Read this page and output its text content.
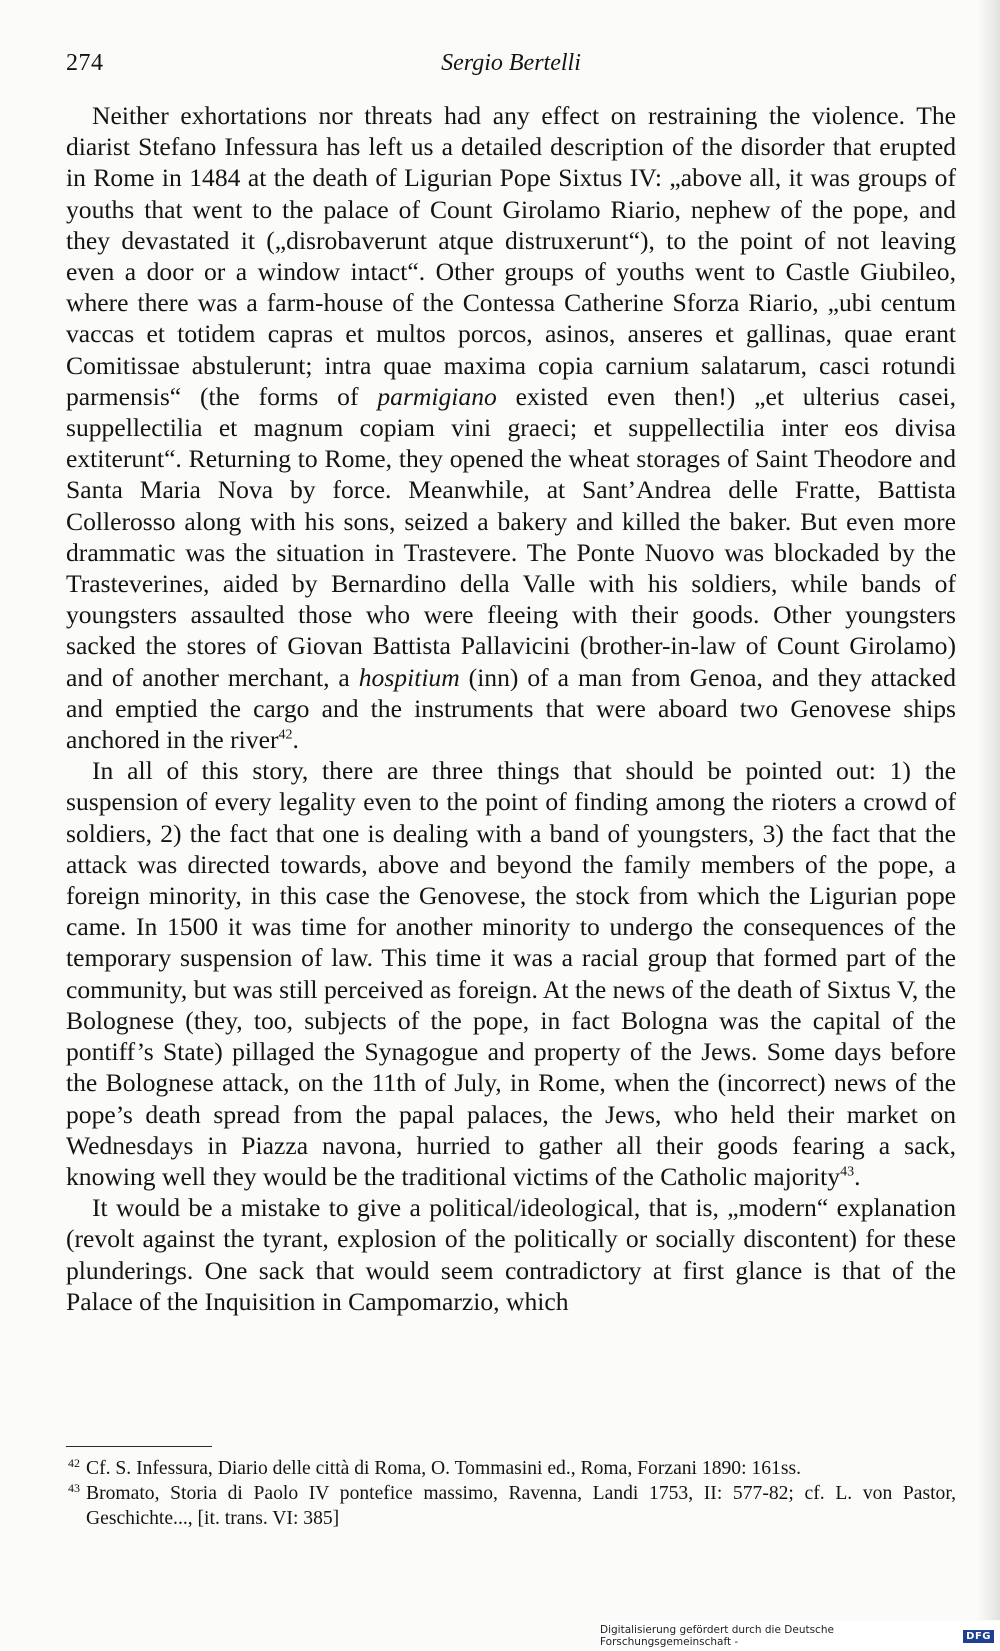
274	Sergio Bertelli

Neither exhortations nor threats had any effect on restraining the violence. The diarist Stefano Infessura has left us a detailed description of the disorder that erupted in Rome in 1484 at the death of Ligurian Pope Sixtus IV: „above all, it was groups of youths that went to the palace of Count Girolamo Riario, nephew of the pope, and they devastated it („disrobaverunt atque distruxerunt“), to the point of not leaving even a door or a window intact“. Other groups of youths went to Castle Giubileo, where there was a farm-house of the Contessa Catherine Sforza Riario, „ubi centum vaccas et totidem capras et multos porcos, asinos, anseres et gallinas, quae erant Comitissae abstulerunt; intra quae maxima copia carnium salatarum, casci rotundi parmensis“ (the forms of parmigiano existed even then!) „et ulterius casei, suppellectilia et magnum copiam vini graeci; et suppellectilia inter eos divisa extiterunt“. Returning to Rome, they opened the wheat storages of Saint Theodore and Santa Maria Nova by force. Meanwhile, at Sant’Andrea delle Fratte, Battista Collerosso along with his sons, seized a bakery and killed the baker. But even more drammatic was the situation in Trastevere. The Ponte Nuovo was blockaded by the Trasteverines, aided by Bernardino della Valle with his soldiers, while bands of youngsters assaulted those who were fleeing with their goods. Other youngsters sacked the stores of Giovan Battista Pallavicini (brother-in-law of Count Girolamo) and of another merchant, a hospitium (inn) of a man from Genoa, and they attacked and emptied the cargo and the instruments that were aboard two Genovese ships anchored in the river$^{42}$.

In all of this story, there are three things that should be pointed out: 1) the suspension of every legality even to the point of finding among the rioters a crowd of soldiers, 2) the fact that one is dealing with a band of youngsters, 3) the fact that the attack was directed towards, above and beyond the family members of the pope, a foreign minority, in this case the Genovese, the stock from which the Ligurian pope came. In 1500 it was time for another minority to undergo the consequences of the temporary suspension of law. This time it was a racial group that formed part of the community, but was still perceived as foreign. At the news of the death of Sixtus V, the Bolognese (they, too, subjects of the pope, in fact Bologna was the capital of the pontiff’s State) pillaged the Synagogue and property of the Jews. Some days before the Bolognese attack, on the 11th of July, in Rome, when the (incorrect) news of the pope’s death spread from the papal palaces, the Jews, who held their market on Wednesdays in Piazza navona, hurried to gather all their goods fearing a sack, knowing well they would be the traditional victims of the Catholic majority$^{43}$.

It would be a mistake to give a political/ideological, that is, „modern“ explanation (revolt against the tyrant, explosion of the politically or socially discontent) for these plunderings. One sack that would seem contradictory at first glance is that of the Palace of the Inquisition in Campomarzio, which

42 Cf. S. Infessura, Diario delle città di Roma, O. Tommasini ed., Roma, Forzani 1890: 161ss.

43 Bromato, Storia di Paolo IV pontefice massimo, Ravenna, Landi 1753, II: 577-82; cf. L. von Pastor, Geschichte..., [it. trans. VI: 385]

Digitalisierung gefördert durch die Deutsche Forschungsgemeinschaft -	DFG
